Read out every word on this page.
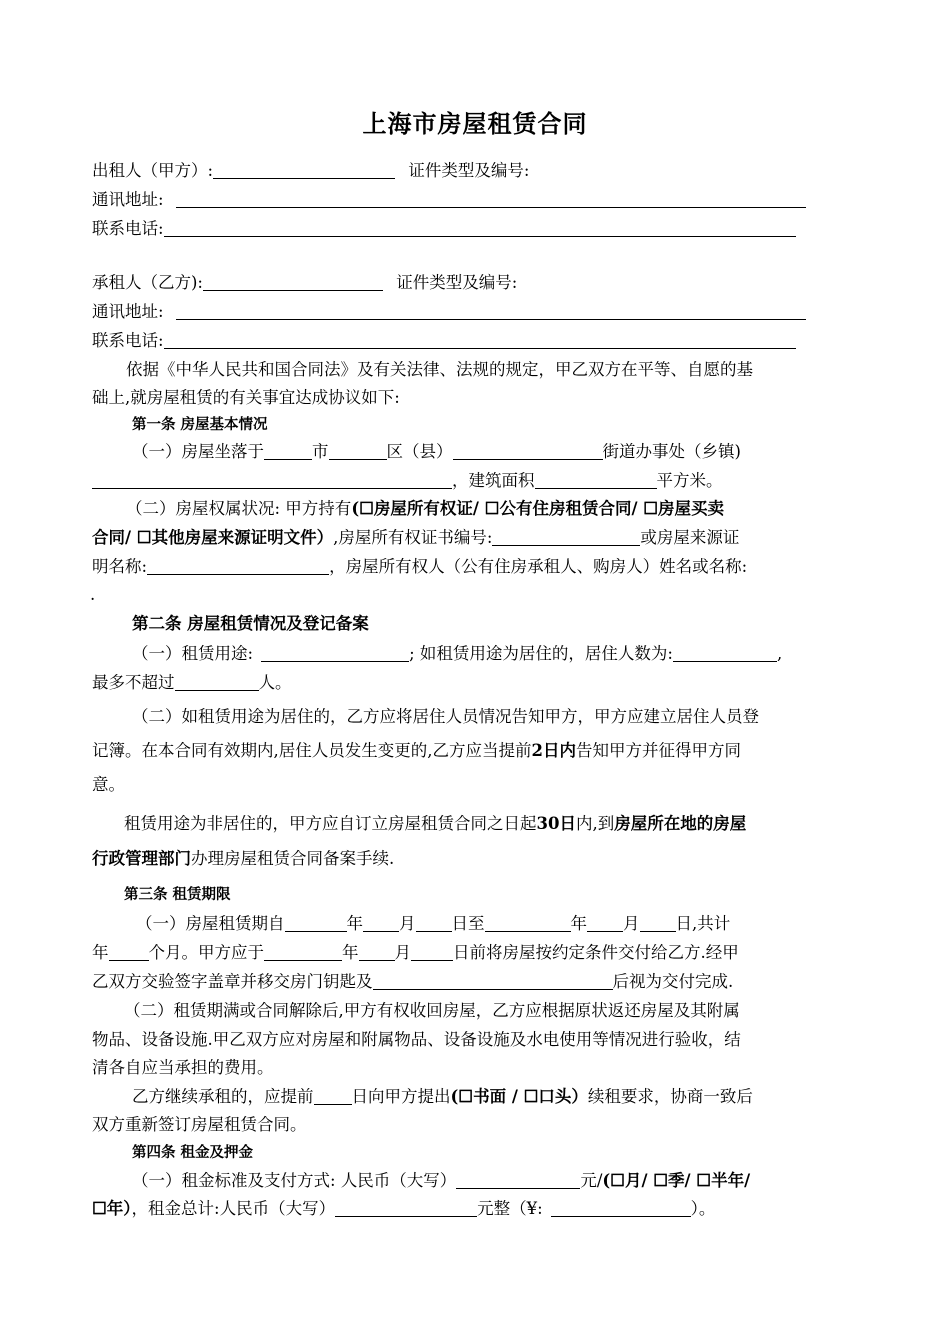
上海市房屋租赁合同
出租人（甲方）:	证件类型及编号:
通讯地址:
联系电话:
承租人（乙方):	证件类型及编号:
通讯地址:
联系电话:
依据《中华人民共和国合同法》及有关法律、法规的规定，甲乙双方在平等、自愿的基
础上,就房屋租赁的有关事宜达成协议如下:
第一条 房屋基本情况
（一）房屋坐落于	市	区（县）	街道办事处（乡镇)
，建筑面积	平方米。
（二）房屋权属状况: 甲方持有(☐房屋所有权证/ ☐公有住房租赁合同/ ☐房屋买卖
合同/ ☐其他房屋来源证明文件）,房屋所有权证书编号:	或房屋来源证
明名称:	，房屋所有权人（公有住房承租人、购房人）姓名或名称:
.
第二条 房屋租赁情况及登记备案
（一）租赁用途:	; 如租赁用途为居住的，居住人数为:	,
最多不超过	人。
（二）如租赁用途为居住的，乙方应将居住人员情况告知甲方，甲方应建立居住人员登
记簿。在本合同有效期内,居住人员发生变更的,乙方应当提前2日内告知甲方并征得甲方同
意。
租赁用途为非居住的，甲方应自订立房屋租赁合同之日起30日内,到房屋所在地的房屋
行政管理部门办理房屋租赁合同备案手续.
第三条 租赁期限
（一）房屋租赁期自	年 月 日至	年 月 日,共计
年 个月。甲方应于	年 月	日前将房屋按约定条件交付给乙方.经甲
乙双方交验签字盖章并移交房门钥匙及	后视为交付完成.
（二）租赁期满或合同解除后,甲方有权收回房屋，乙方应根据原状返还房屋及其附属
物品、设备设施.甲乙双方应对房屋和附属物品、设备设施及水电使用等情况进行验收，结
清各自应当承担的费用。
乙方继续承租的，应提前 日向甲方提出(☐书面 / ☐口头）续租要求，协商一致后
双方重新签订房屋租赁合同。
第四条 租金及押金
（一）租金标准及支付方式: 人民币（大写）	元/(☐月/ ☐季/ ☐半年/
☐年），租金总计:人民币（大写）	元整（¥:	）。
